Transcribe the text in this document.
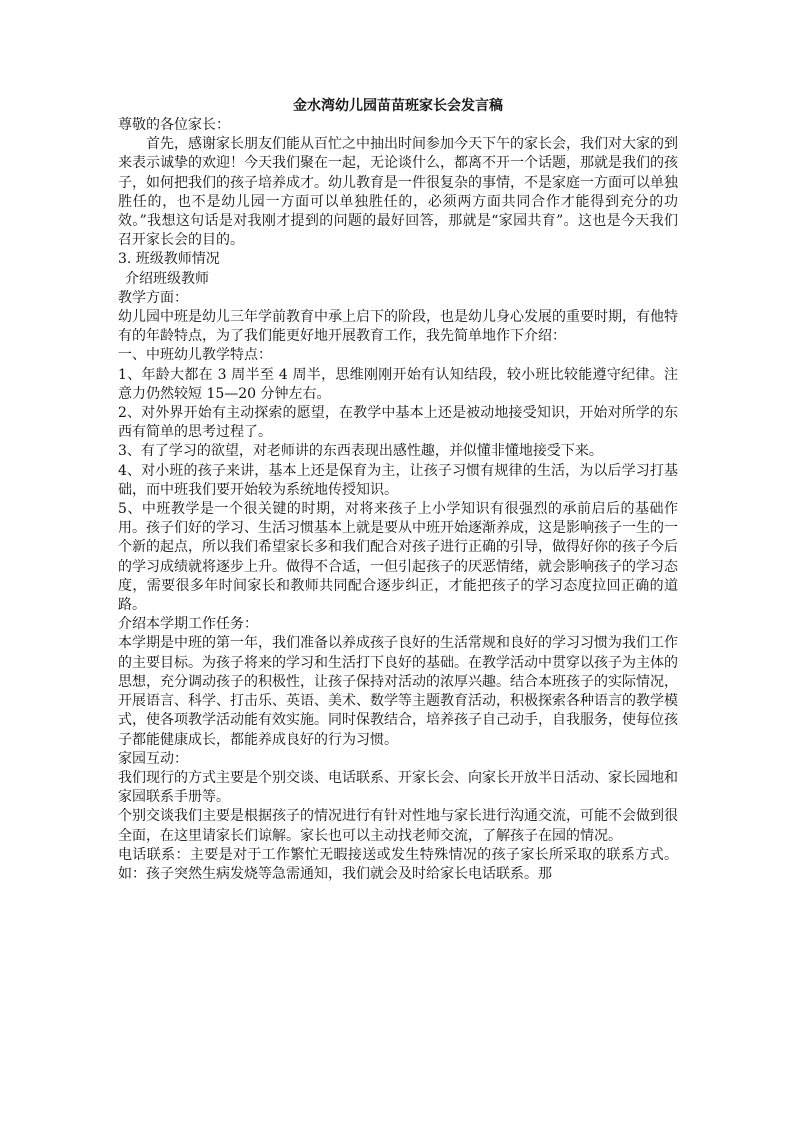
金水湾幼儿园苗苗班家长会发言稿

尊敬的各位家长：

首先，感谢家长朋友们能从百忙之中抽出时间参加今天下午的家长会，我们对大家的到来表示诚挚的欢迎！今天我们聚在一起，无论谈什么，都离不开一个话题，那就是我们的孩子，如何把我们的孩子培养成才。幼儿教育是一件很复杂的事情，不是家庭一方面可以单独胜任的，也不是幼儿园一方面可以单独胜任的，必须两方面共同合作才能得到充分的功效。”我想这句话是对我刚才提到的问题的最好回答，那就是“家园共育”。这也是今天我们召开家长会的目的。

3. 班级教师情况

介绍班级教师

教学方面：

幼儿园中班是幼儿三年学前教育中承上启下的阶段，也是幼儿身心发展的重要时期，有他特有的年龄特点，为了我们能更好地开展教育工作，我先简单地作下介绍：

一、中班幼儿教学特点：

1、年龄大都在 3 周半至 4 周半，思维刚刚开始有认知结段，较小班比较能遵守纪律。注意力仍然较短 15—20 分钟左右。

2、对外界开始有主动探索的愿望，在教学中基本上还是被动地接受知识，开始对所学的东西有简单的思考过程了。

3、有了学习的欲望，对老师讲的东西表现出感性趣，并似懂非懂地接受下来。

4、对小班的孩子来讲，基本上还是保育为主，让孩子习惯有规律的生活，为以后学习打基础，而中班我们要开始较为系统地传授知识。

5、中班教学是一个很关键的时期，对将来孩子上小学知识有很强烈的承前启后的基础作用。孩子们好的学习、生活习惯基本上就是要从中班开始逐渐养成，这是影响孩子一生的一个新的起点，所以我们希望家长多和我们配合对孩子进行正确的引导，做得好你的孩子今后的学习成绩就将逐步上升。做得不合适，一但引起孩子的厌恶情绪，就会影响孩子的学习态度，需要很多年时间家长和教师共同配合逐步纠正，才能把孩子的学习态度拉回正确的道路。

介绍本学期工作任务：

本学期是中班的第一年，我们准备以养成孩子良好的生活常规和良好的学习习惯为我们工作的主要目标。为孩子将来的学习和生活打下良好的基础。在教学活动中贯穿以孩子为主体的思想，充分调动孩子的积极性，让孩子保持对活动的浓厚兴趣。结合本班孩子的实际情况，开展语言、科学、打击乐、英语、美术、数学等主题教育活动，积极探索各种语言的教学模式，使各项教学活动能有效实施。同时保教结合，培养孩子自己动手，自我服务，使每位孩子都能健康成长，都能养成良好的行为习惯。

家园互动：

我们现行的方式主要是个别交谈、电话联系、开家长会、向家长开放半日活动、家长园地和家园联系手册等。

个别交谈我们主要是根据孩子的情况进行有针对性地与家长进行沟通交流，可能不会做到很全面，在这里请家长们谅解。家长也可以主动找老师交流，了解孩子在园的情况。

电话联系：主要是对于工作繁忙无暇接送或发生特殊情况的孩子家长所采取的联系方式。如：孩子突然生病发烧等急需通知，我们就会及时给家长电话联系。那
